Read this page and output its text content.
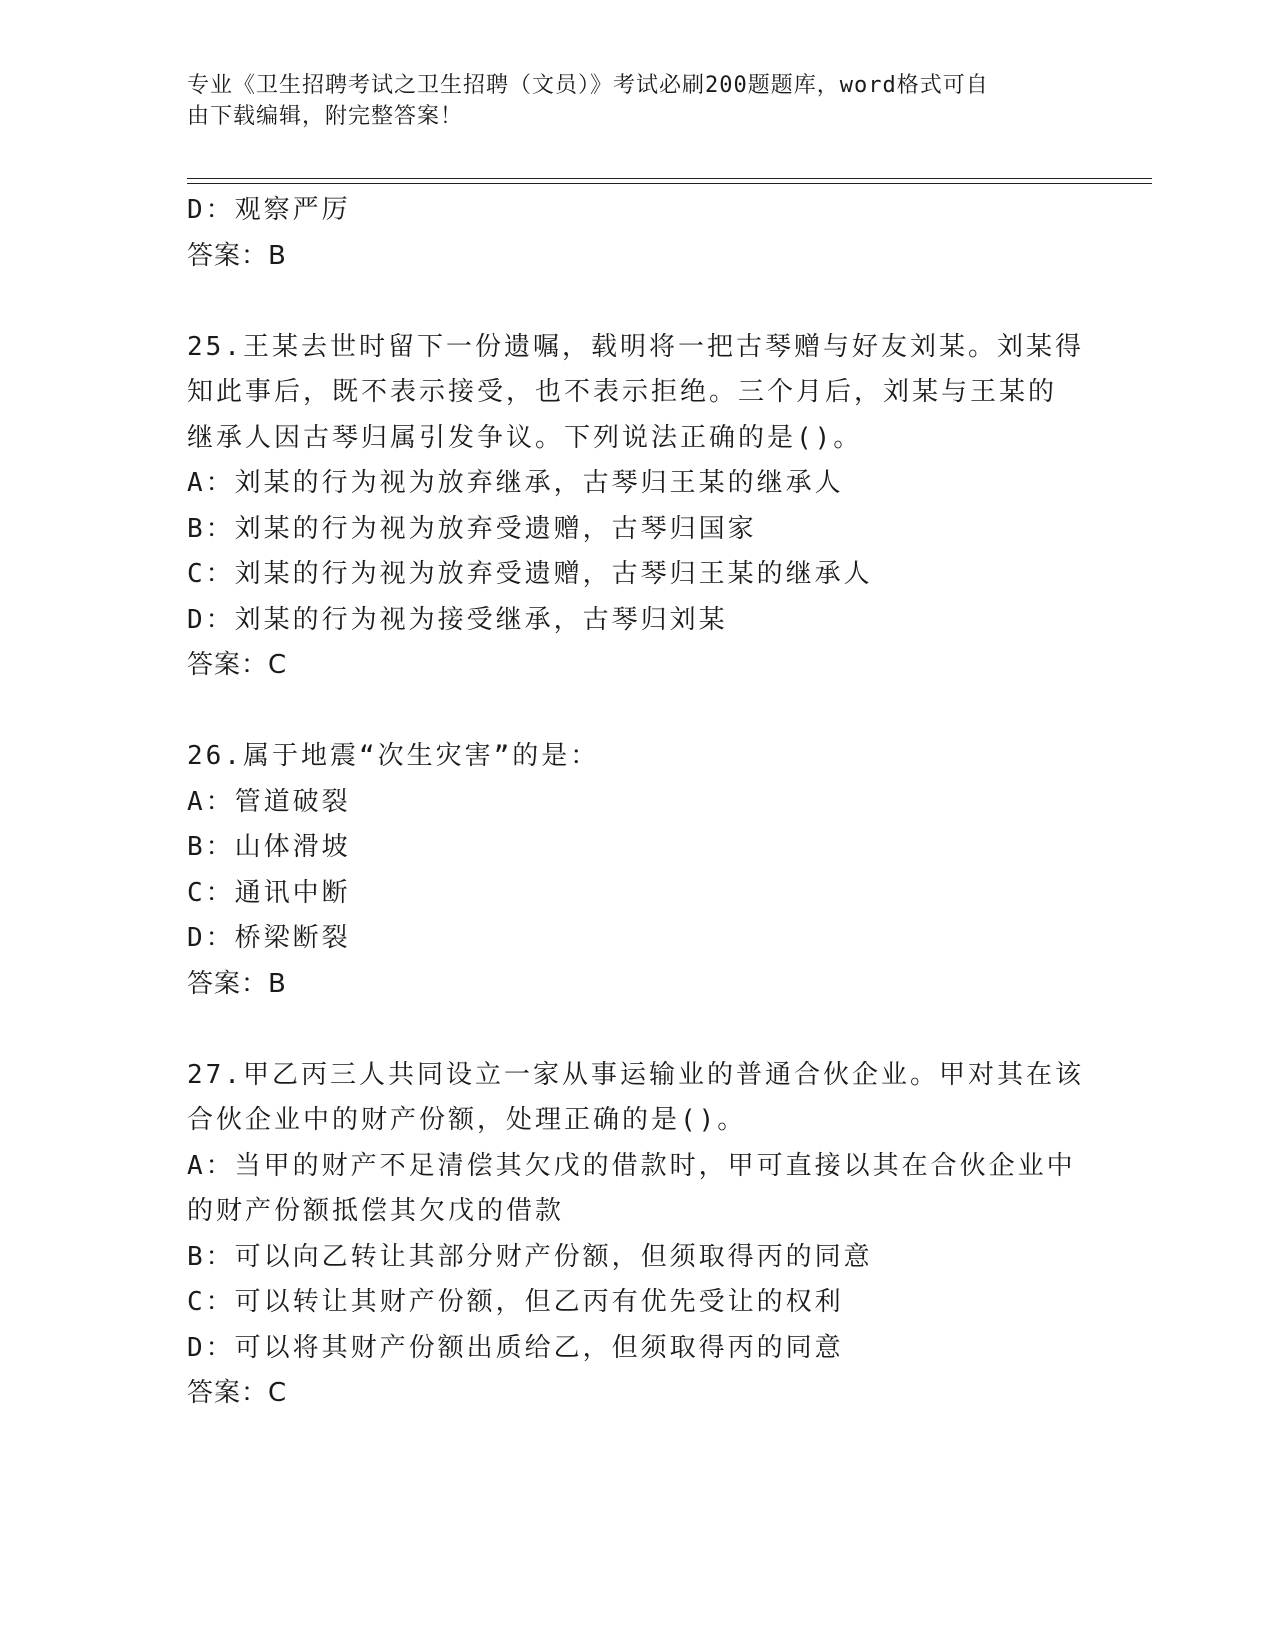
专业《卫生招聘考试之卫生招聘（文员）》考试必刷200题题库，word格式可自
由下载编辑，附完整答案！
D：观察严厉
答案：B
25.王某去世时留下一份遗嘱，载明将一把古琴赠与好友刘某。刘某得
知此事后，既不表示接受，也不表示拒绝。三个月后，刘某与王某的
继承人因古琴归属引发争议。下列说法正确的是()。
A：刘某的行为视为放弃继承，古琴归王某的继承人
B：刘某的行为视为放弃受遗赠，古琴归国家
C：刘某的行为视为放弃受遗赠，古琴归王某的继承人
D：刘某的行为视为接受继承，古琴归刘某
答案：C
26.属于地震“次生灾害”的是：
A：管道破裂
B：山体滑坡
C：通讯中断
D：桥梁断裂
答案：B
27.甲乙丙三人共同设立一家从事运输业的普通合伙企业。甲对其在该
合伙企业中的财产份额，处理正确的是()。
A：当甲的财产不足清偿其欠戊的借款时，甲可直接以其在合伙企业中
的财产份额抵偿其欠戊的借款
B：可以向乙转让其部分财产份额，但须取得丙的同意
C：可以转让其财产份额，但乙丙有优先受让的权利
D：可以将其财产份额出质给乙，但须取得丙的同意
答案：C
